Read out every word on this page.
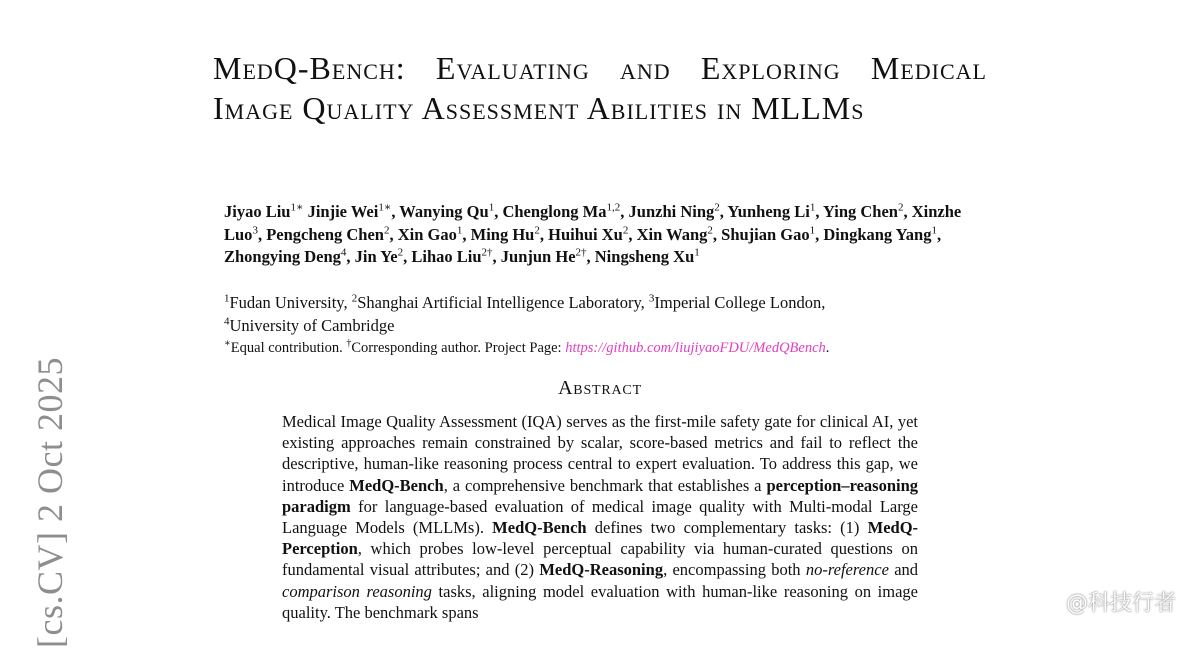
[cs.CV] 2 Oct 2025
MedQ-Bench: Evaluating and Exploring Medical Image Quality Assessment Abilities in MLLMs
Jiyao Liu$^{1∗}$ Jinjie Wei$^{1∗}$, Wanying Qu$^1$, Chenglong Ma$^{1,2}$, Junzhi Ning$^2$, Yunheng Li$^1$, Ying Chen$^2$, Xinzhe Luo$^3$, Pengcheng Chen$^2$, Xin Gao$^1$, Ming Hu$^2$, Huihui Xu$^2$, Xin Wang$^2$, Shujian Gao$^1$, Dingkang Yang$^1$, Zhongying Deng$^4$, Jin Ye$^2$, Lihao Liu$^{2\dagger}$, Junjun $He^{2\dagger}$, Ningsheng Xu$^1$
$^1$Fudan University, $^2$Shanghai Artificial Intelligence Laboratory, $^3$Imperial College London,
$^4$University of Cambridge
∗Equal contribution. †Corresponding author. Project Page: https://github.com/liujiyaoFDU/MedQBench.
Abstract
Medical Image Quality Assessment (IQA) serves as the first-mile safety gate for clinical AI, yet existing approaches remain constrained by scalar, score-based metrics and fail to reflect the descriptive, human-like reasoning process central to expert evaluation. To address this gap, we introduce MedQ-Bench, a comprehensive benchmark that establishes a perception–reasoning paradigm for language-based evaluation of medical image quality with Multi-modal Large Language Models (MLLMs). MedQ-Bench defines two complementary tasks: (1) MedQ-Perception, which probes low-level perceptual capability via human-curated questions on fundamental visual attributes; and (2) MedQ-Reasoning, encompassing both no-reference and comparison reasoning tasks, aligning model evaluation with human-like reasoning on image quality. The benchmark spans	@科技行者
